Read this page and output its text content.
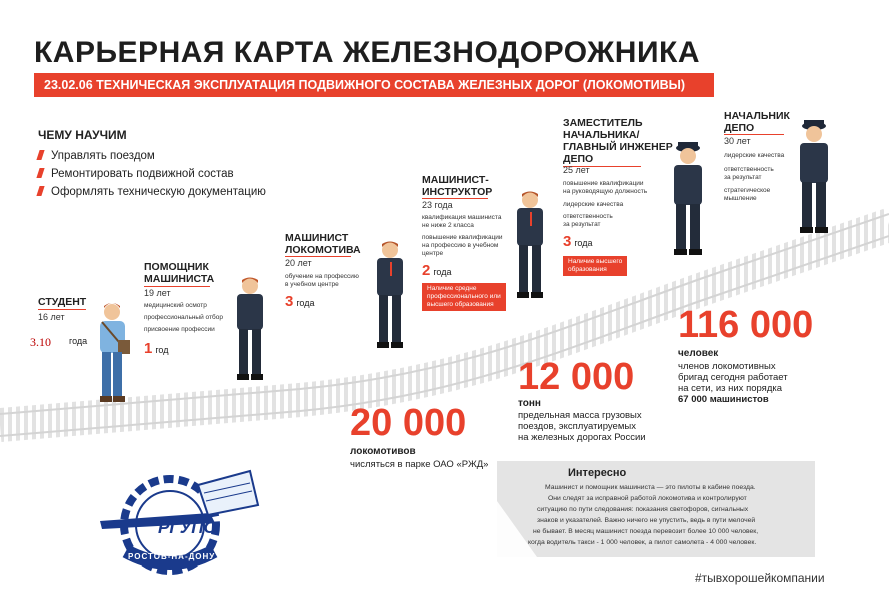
КАРЬЕРНАЯ КАРТА ЖЕЛЕЗНОДОРОЖНИКА
23.02.06 ТЕХНИЧЕСКАЯ ЭКСПЛУАТАЦИЯ ПОДВИЖНОГО СОСТАВА ЖЕЛЕЗНЫХ ДОРОГ (ЛОКОМОТИВЫ)
ЧЕМУ НАУЧИМ
Управлять поездом
Ремонтировать подвижной состав
Оформлять техническую документацию
СТУДЕНТ
16 лет
3.10 года
ПОМОЩНИК
МАШИНИСТА
19 лет
медицинский осмотр
профессиональный отбор
присвоение профессии
1 год
МАШИНИСТ
ЛОКОМОТИВА
20 лет
обучение на профессию
в учебном центре
3 года
Наличие средне
профессионального или
высшего образования
МАШИНИСТ-
ИНСТРУКТОР
23 года
квалификация машиниста
не ниже 2 класса
повышение квалификации
на профессию в учебном
центре
2 года
ЗАМЕСТИТЕЛЬ
НАЧАЛЬНИКА/
ГЛАВНЫЙ ИНЖЕНЕР
ДЕПО
25 лет
повышение квалификации
на руководящую должность
лидерские качества
ответственность
за результат
3 года
Наличие высшего
образования
НАЧАЛЬНИК
ДЕПО
30 лет
лидерские качества
ответственность
за результат
стратегическое
мышление
20 000
локомотивов
числяться в парке ОАО «РЖД»
12 000
тонн
предельная масса грузовых
поездов, эксплуатируемых
на железных дорогах России
116 000
человек
членов локомотивных
бригад сегодня работает
на сети, из них порядка
67 000 машинистов
Интересно
Машинист и помощник машиниста — это пилоты в кабине поезда.
Они следят за исправной работой локомотива и контролируют
ситуацию по пути следования: показания светофоров, сигнальных
знаков и указателей. Важно ничего не упустить, ведь в пути мелочей
не бывает. В месяц машинист поезда перевозит более 10 000 человек,
когда водитель такси - 1 000 человек, а пилот самолета - 4 000 человек.
РГУПС
РОСТОВ-НА-ДОНУ
#тывхорошейкомпании
